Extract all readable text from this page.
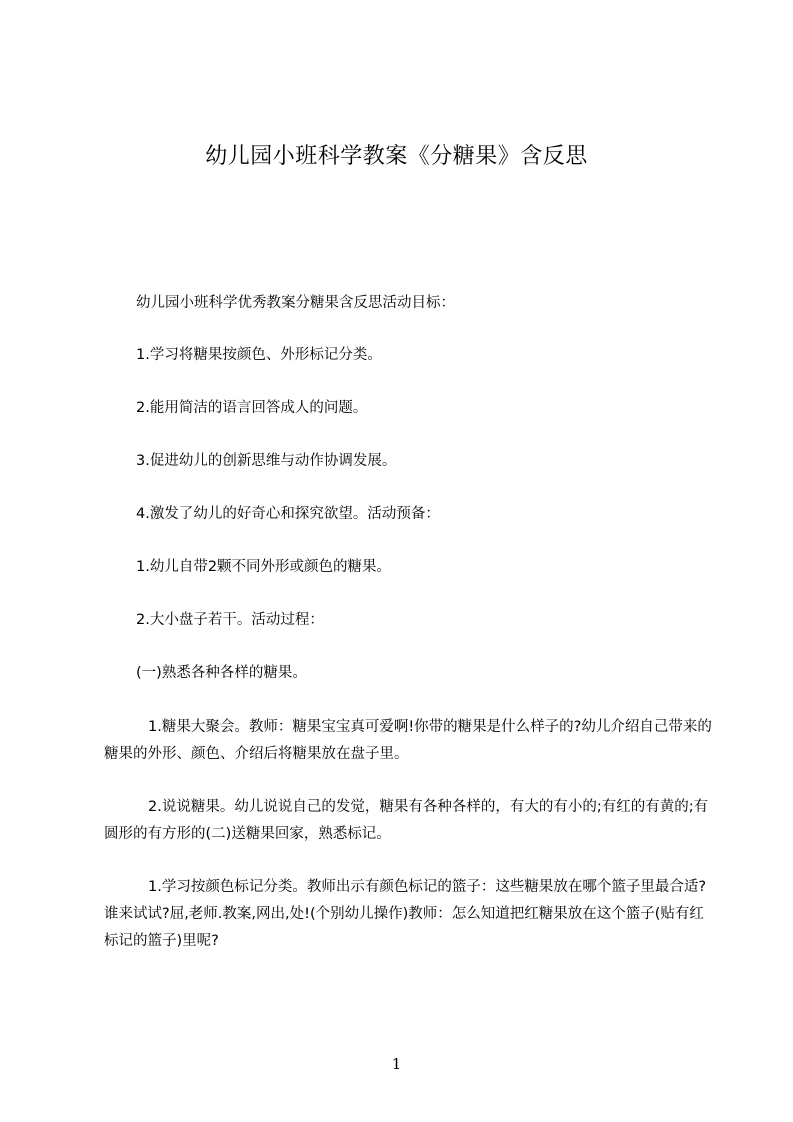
幼儿园小班科学教案《分糖果》含反思

幼儿园小班科学优秀教案分糖果含反思活动目标：

1.学习将糖果按颜色、外形标记分类。

2.能用简洁的语言回答成人的问题。

3.促进幼儿的创新思维与动作协调发展。

4.激发了幼儿的好奇心和探究欲望。活动预备：

1.幼儿自带2颗不同外形或颜色的糖果。

2.大小盘子若干。活动过程：

(一)熟悉各种各样的糖果。

1.糖果大聚会。教师：糖果宝宝真可爱啊!你带的糖果是什么样子的?幼儿介绍自己带来的糖果的外形、颜色、介绍后将糖果放在盘子里。

2.说说糖果。幼儿说说自己的发觉，糖果有各种各样的，有大的有小的;有红的有黄的;有圆形的有方形的(二)送糖果回家，熟悉标记。

1.学习按颜色标记分类。教师出示有颜色标记的篮子：这些糖果放在哪个篮子里最合适?谁来试试?屈,老师.教案,网出,处!(个别幼儿操作)教师：怎么知道把红糖果放在这个篮子(贴有红标记的篮子)里呢?

1
